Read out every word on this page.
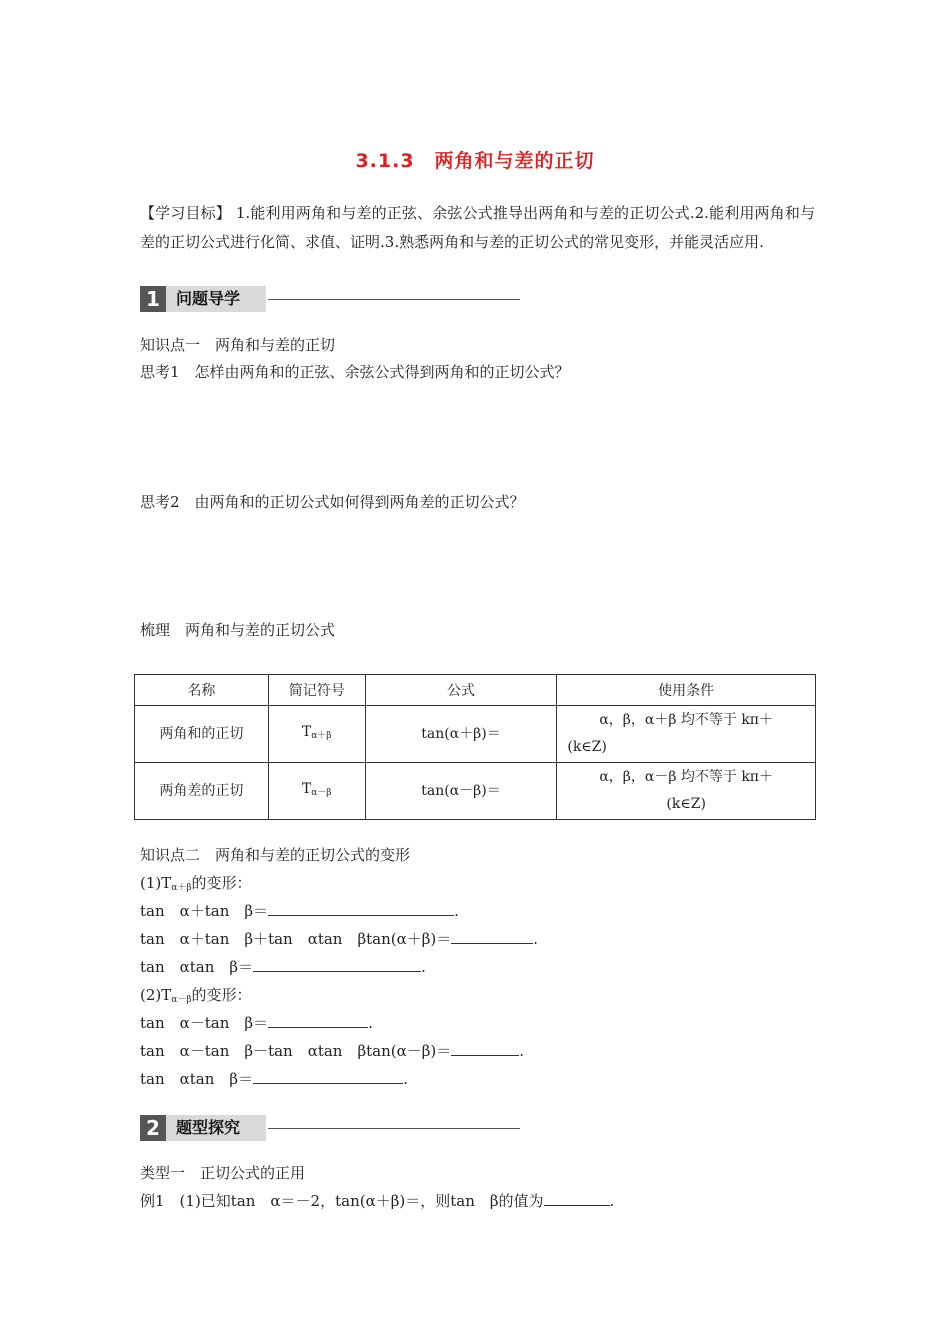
3.1.3　两角和与差的正切
【学习目标】 1.能利用两角和与差的正弦、余弦公式推导出两角和与差的正切公式.2.能利用两角和与差的正切公式进行化简、求值、证明.3.熟悉两角和与差的正切公式的常见变形，并能灵活应用.
1	问题导学
知识点一　两角和与差的正切
思考1　怎样由两角和的正弦、余弦公式得到两角和的正切公式？
思考2　由两角和的正切公式如何得到两角差的正切公式？
梳理　两角和与差的正切公式
名称	简记符号	公式	使用条件
两角和的正切	$T_{\alpha+\beta}$	tan(α＋β)＝	α，β，α＋β 均不等于 kπ＋
(k∈Z)

两角差的正切	$T_{\alpha-\beta}$	tan(α－β)＝	α，β，α－β 均不等于 kπ＋
(k∈Z)
知识点二　两角和与差的正切公式的变形
$(1)T_{\alpha+\beta}$的变形：
tan　α＋tan　β＝	.
tan　α＋tan　β＋tan　αtan　βtan(α＋β)＝	.
tan　αtan　β＝	.
$(2)T_{\alpha-\beta}$的变形：
tan　α－tan　β＝	.
tan　α－tan　β－tan　αtan　βtan(α－β)＝	.
tan　αtan　β＝	.
2	题型探究
类型一　正切公式的正用
例1　(1)已知tan　α＝－2，tan(α＋β)＝，则tan　β的值为	.
